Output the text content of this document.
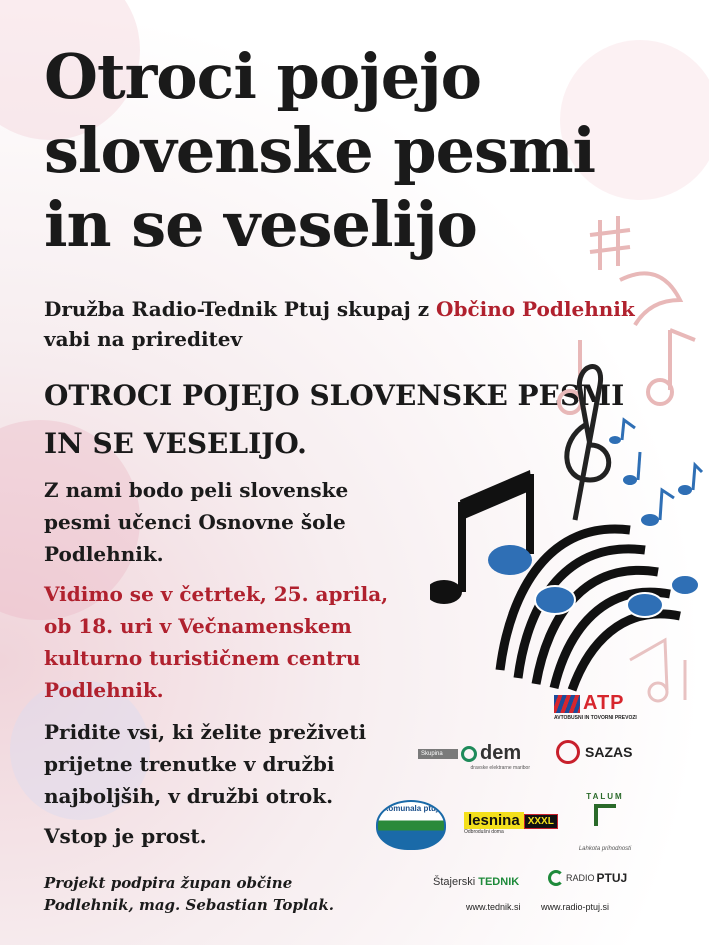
Otroci pojejo
slovenske pesmi
in se veselijo
Družba Radio-Tednik Ptuj skupaj z Občino Podlehnik
vabi na prireditev
OTROCI POJEJO SLOVENSKE PESMI
IN SE VESELIJO.
Z nami bodo peli slovenske
pesmi učenci Osnovne šole
Podlehnik.
Vidimo se v četrtek, 25. aprila,
ob 18. uri v Večnamenskem
kulturno turističnem centru
Podlehnik.
Pridite vsi, ki želite preživeti
prijetne trenutke v družbi
najboljših, v družbi otrok.
Vstop je prost.
Projekt podpira župan občine
Podlehnik, mag. Sebastian Toplak.
ATP
AVTOBUSNI IN TOVORNI PREVOZI
Skupina	dem
dravske elektrarne maribor
SAZAS
komunala ptuj
lesnina XXXL
Odbrodušni doma
TALUM
Lahkota prihodnosti
Štajerski TEDNIK	RADIO PTUJ
www.tednik.si www.radio-ptuj.si
